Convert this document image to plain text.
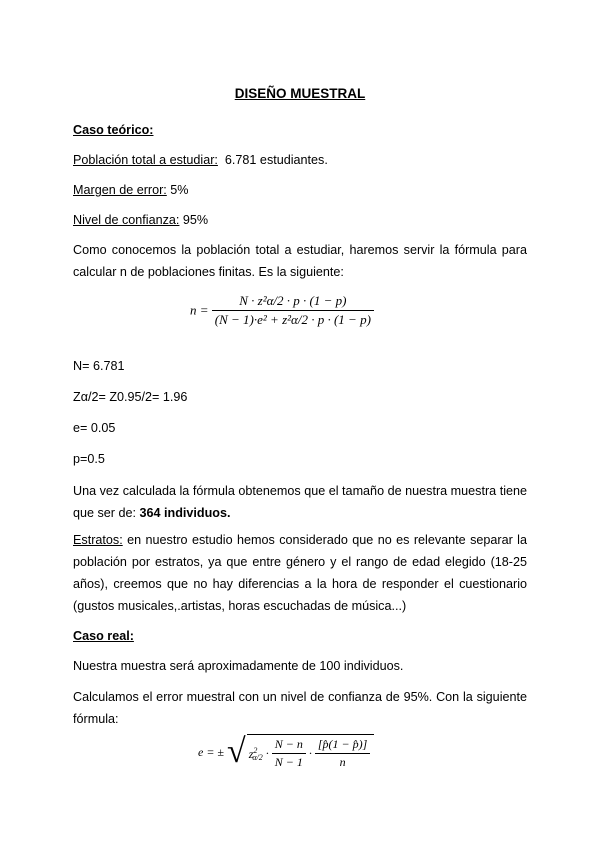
DISEÑO MUESTRAL
Caso teórico:
Población total a estudiar: 6.781 estudiantes.
Margen de error: 5%
Nivel de confianza: 95%
Como conocemos la población total a estudiar, haremos servir la fórmula para
calcular n de poblaciones finitas. Es la siguiente:
$n = \frac{\text{N · z²α/2 · p · (1 − p)}}{\text{(N − 1)·e² + z²α/2 · p · (1 − p)}}$
N= 6.781
Zα/2= Z0.95/2= 1.96
e= 0.05
p=0.5
Una vez calculada la fórmula obtenemos que el tamaño de nuestra muestra tiene
que ser de: 364 individuos.
Estratos: en nuestro estudio hemos considerado que no es relevante separar la
población por estratos, ya que entre género y el rango de edad elegido (18-25
años), creemos que no hay diferencias a la hora de responder el cuestionario
(gustos musicales,.artistas, horas escuchadas de música...)
Caso real:
Nuestra muestra será aproximadamente de 100 individuos.
Calculamos el error muestral con un nivel de confianza de 95%. Con la siguiente
fórmula:
e = ± √ $z^2_{\alpha/2} \cdot \frac{N - n}{N - 1} \cdot \frac{[p̂(1 - p̂)]}{n}$
